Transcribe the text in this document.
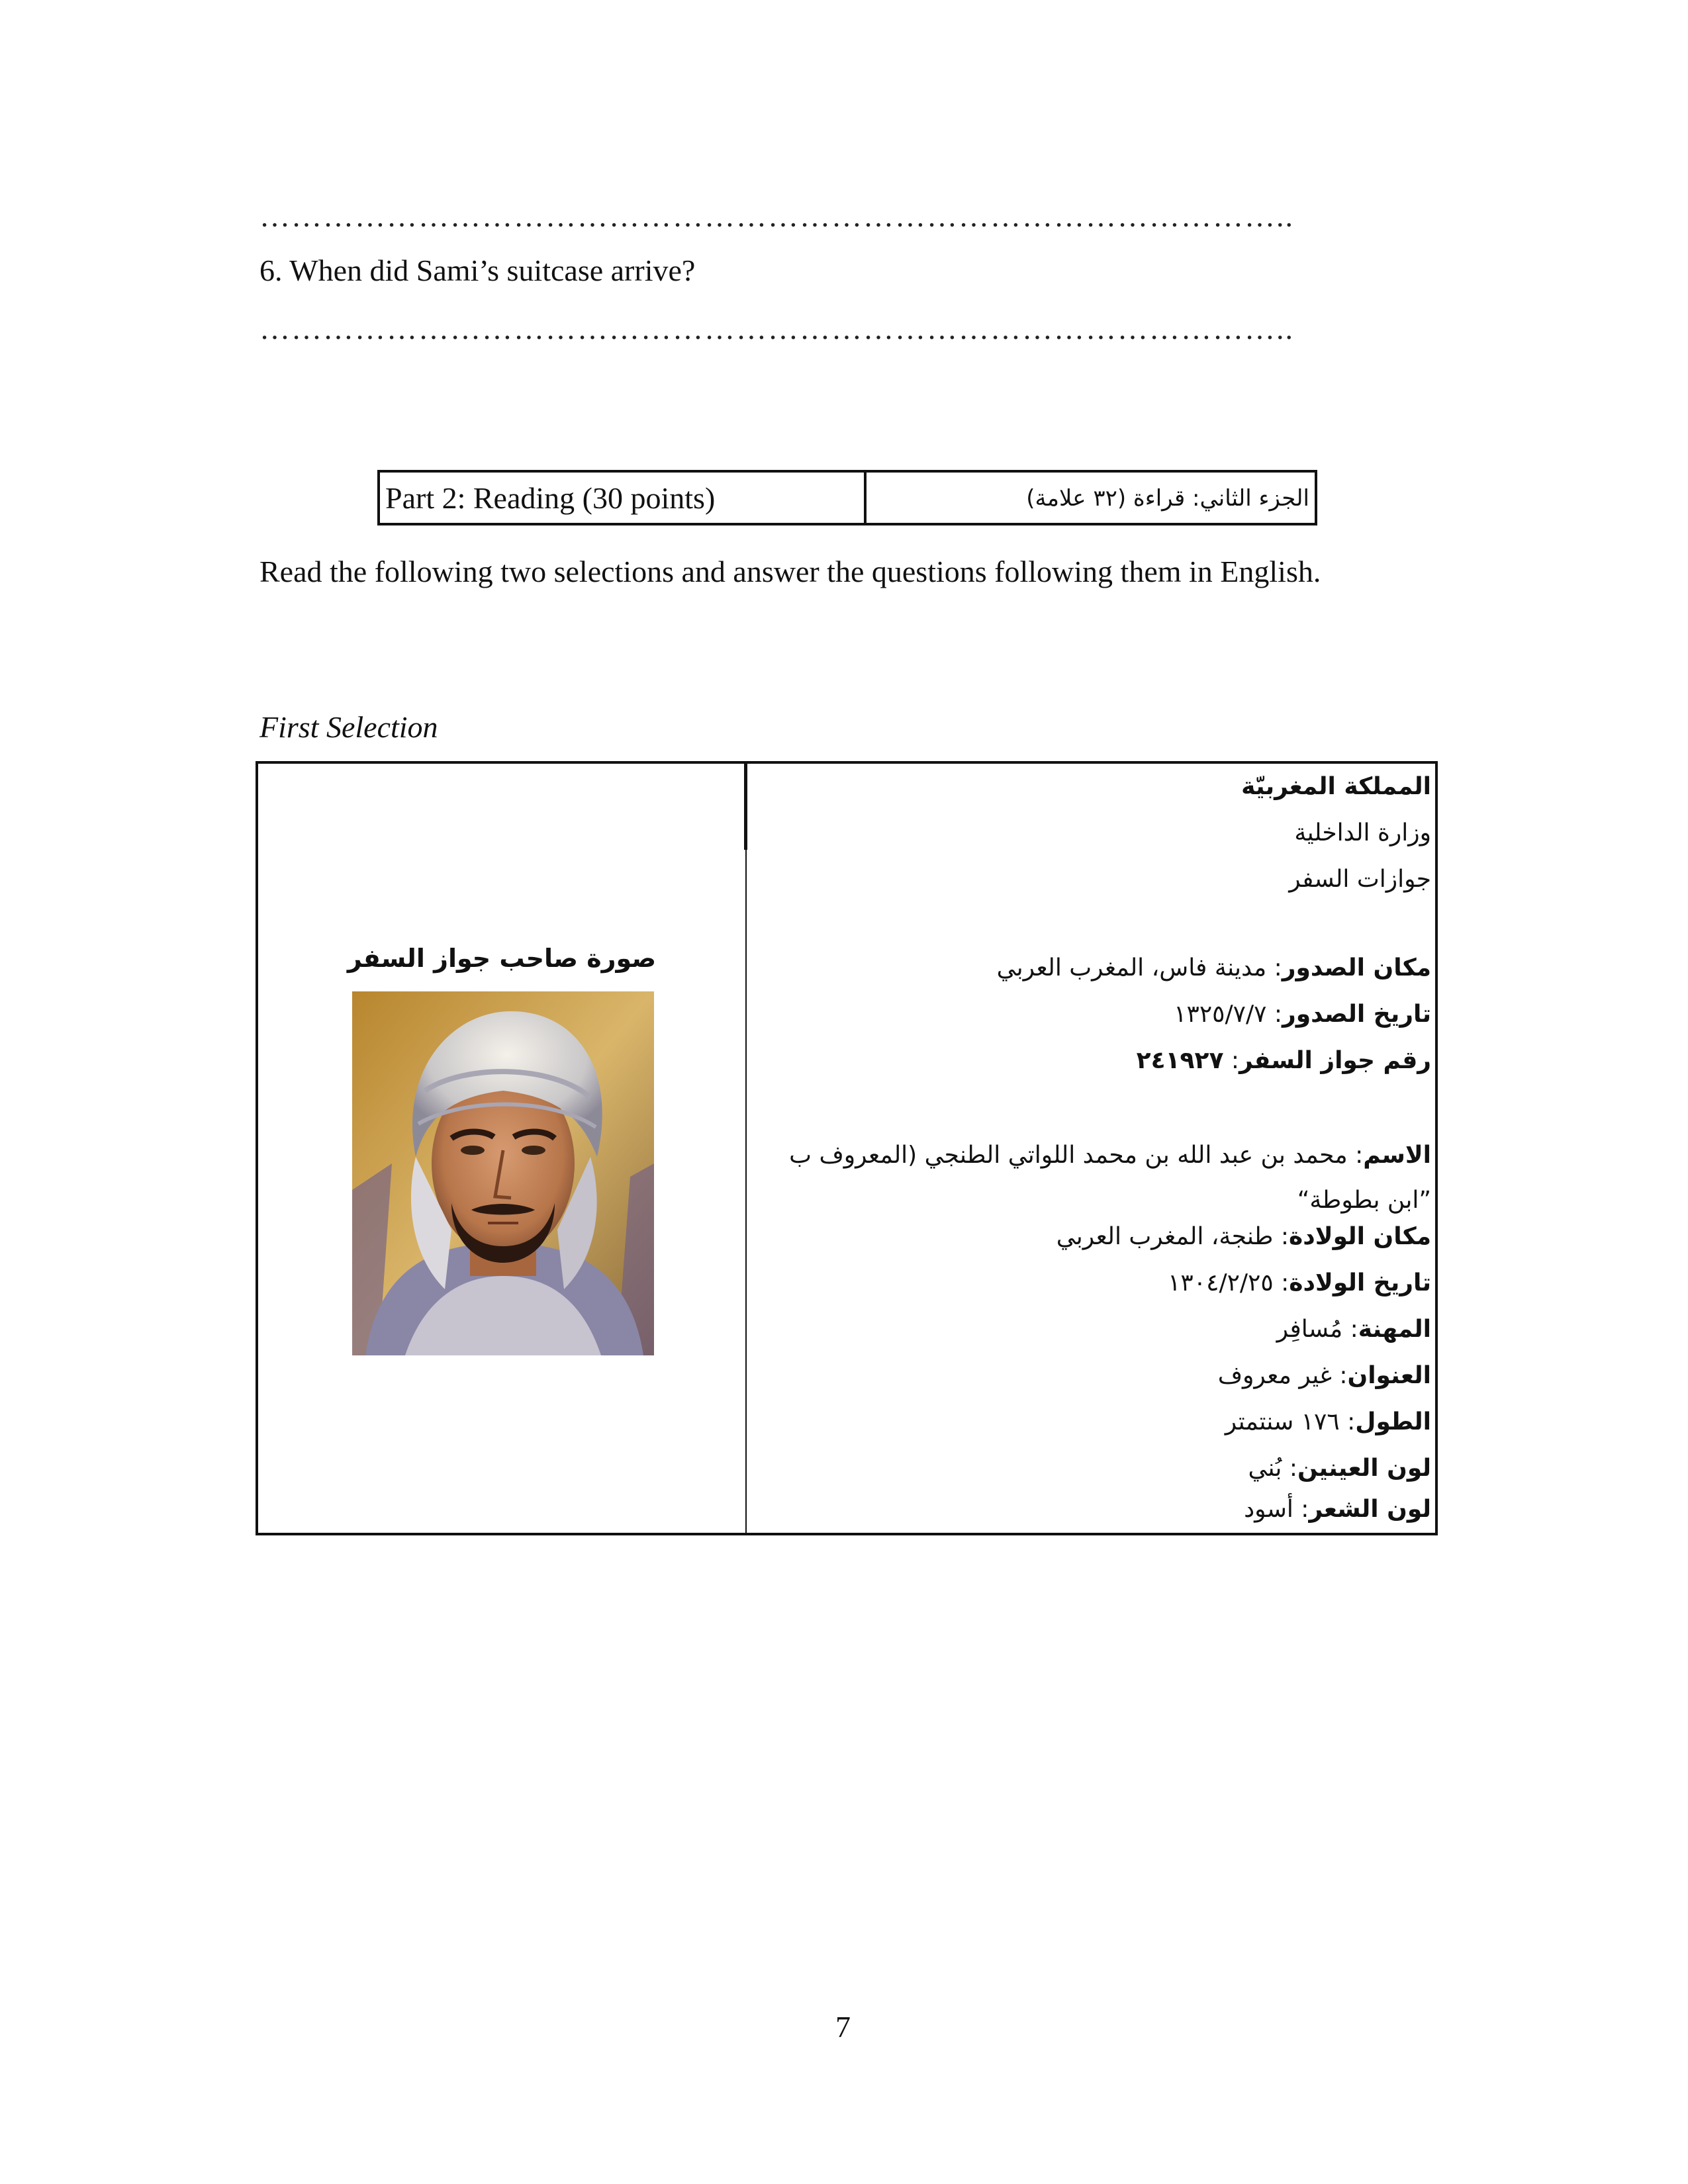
……………………………………………………………………………………..
6. When did Sami’s suitcase arrive?
……………………………………………………………………………………..
Part 2: Reading (30 points)	الجزء الثاني: قراءة (٣٢ علامة)
Read the following two selections and answer the questions following them in English.
First Selection
صورة صاحب جواز السفر
المملكة المغربيّة
وزارة الداخلية
جوازات السفر
مكان الصدور: مدينة فاس، المغرب العربي
تاريخ الصدور: ١٣٢٥/٧/٧
رقم جواز السفر: ٢٤١٩٢٧
الاسم: محمد بن عبد الله بن محمد اللواتي الطنجي (المعروف ب ”ابن بطوطة“
مكان الولادة: طنجة، المغرب العربي
تاريخ الولادة: ١٣٠٤/٢/٢٥
المهنة: مُسافِر
العنوان: غير معروف
الطول: ١٧٦ سنتمتر
لون العينين: بُني
لون الشعر: أسود
7
